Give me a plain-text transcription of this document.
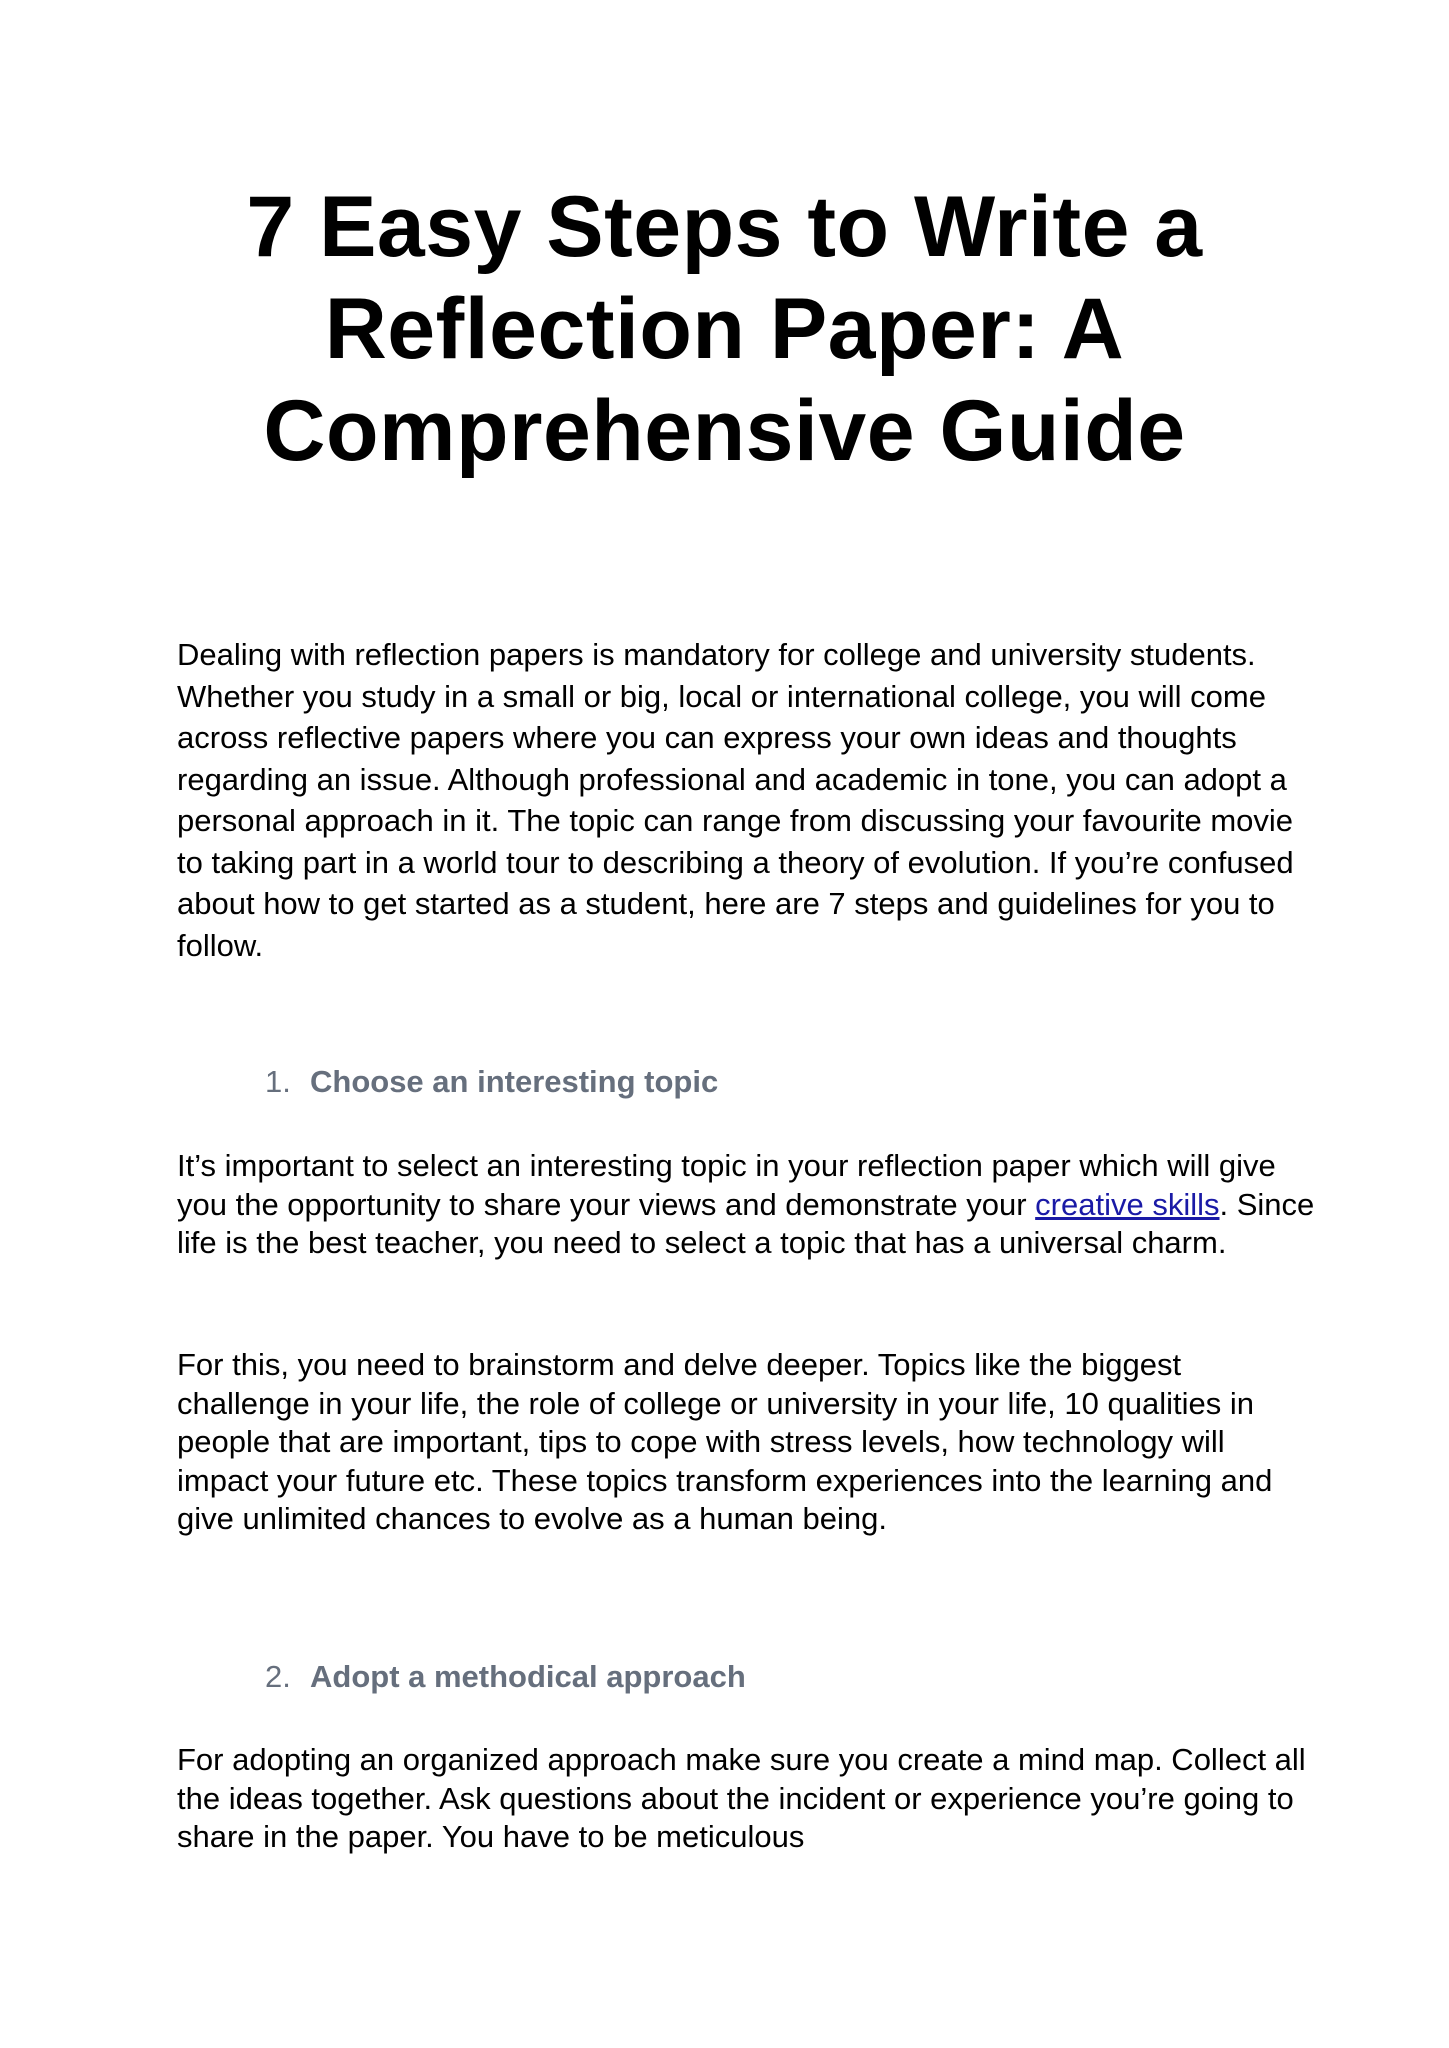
7 Easy Steps to Write a Reflection Paper: A Comprehensive Guide

Dealing with reflection papers is mandatory for college and university students. Whether you study in a small or big, local or international college, you will come across reflective papers where you can express your own ideas and thoughts regarding an issue. Although professional and academic in tone, you can adopt a personal approach in it. The topic can range from discussing your favourite movie to taking part in a world tour to describing a theory of evolution. If you’re confused about how to get started as a student, here are 7 steps and guidelines for you to follow.

1. Choose an interesting topic

It’s important to select an interesting topic in your reflection paper which will give you the opportunity to share your views and demonstrate your creative skills. Since life is the best teacher, you need to select a topic that has a universal charm.

For this, you need to brainstorm and delve deeper. Topics like the biggest challenge in your life, the role of college or university in your life, 10 qualities in people that are important, tips to cope with stress levels, how technology will impact your future etc. These topics transform experiences into the learning and give unlimited chances to evolve as a human being.

2. Adopt a methodical approach

For adopting an organized approach make sure you create a mind map. Collect all the ideas together. Ask questions about the incident or experience you’re going to share in the paper. You have to be meticulous
